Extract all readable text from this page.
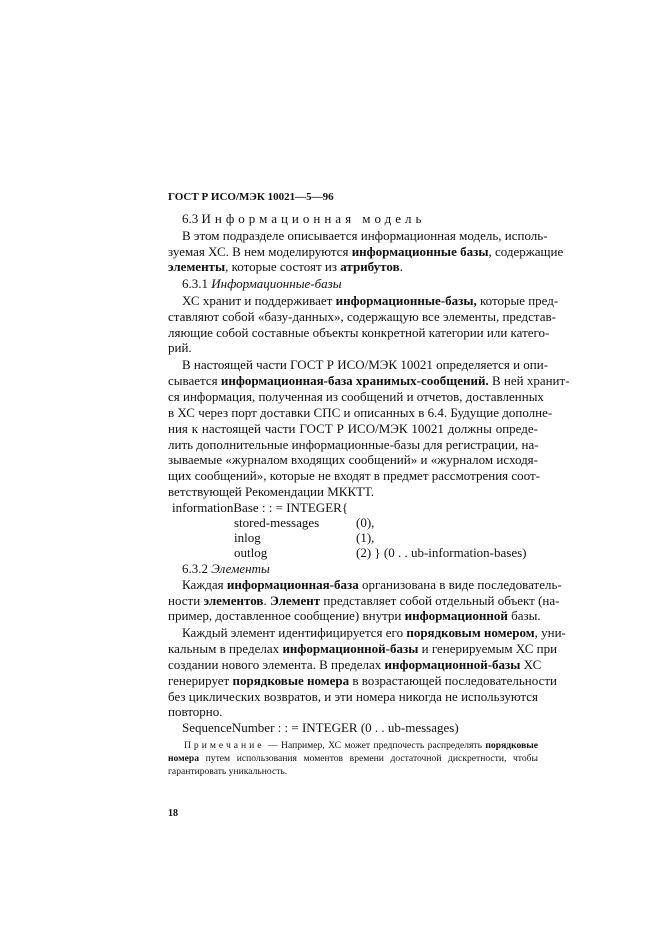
ГОСТ Р ИСО/МЭК 10021—5—96
6.3 Информационная модель
В этом подразделе описывается информационная модель, исполь-
зуемая ХС. В нем моделируются информационные базы, содержащие
элементы, которые состоят из атрибутов.
6.3.1 Информационные-базы
ХС хранит и поддерживает информационные-базы, которые пред-
ставляют собой «базу-данных», содержащую все элементы, представ-
ляющие собой составные объекты конкретной категории или катего-
рий.
В настоящей части ГОСТ Р ИСО/МЭК 10021 определяется и опи-
сывается информационная-база хранимых-сообщений. В ней хранит-
ся информация, полученная из сообщений и отчетов, доставленных
в ХС через порт доставки СПС и описанных в 6.4. Будущие дополне-
ния к настоящей части ГОСТ Р ИСО/МЭК 10021 должны опреде-
лить дополнительные информационные-базы для регистрации, на-
зываемые «журналом входящих сообщений» и «журналом исходя-
щих сообщений», которые не входят в предмет рассмотрения соот-
ветствующей Рекомендации МККТТ.
informationBase : : = INTEGER{
6.3.2 Элементы
Каждая информационная-база организована в виде последователь-
ности элементов. Элемент представляет собой отдельный объект (на-
пример, доставленное сообщение) внутри информационной базы.
Каждый элемент идентифицируется его порядковым номером, уни-
кальным в пределах информационной-базы и генерируемым ХС при
создании нового элемента. В пределах информационной-базы ХС
генерирует порядковые номера в возрастающей последовательности
без циклических возвратов, и эти номера никогда не используются
повторно.
SequenceNumber : : = INTEGER (0 . . ub-messages)
stored-messages	(0),
inlog	(1),
outlog	(2) } (0 . . ub-information-bases)
Примечание — Например, ХС может предпочесть распределять порядковые
номера путем использования моментов времени достаточной дискретности, чтобы
гарантировать уникальность.
18
